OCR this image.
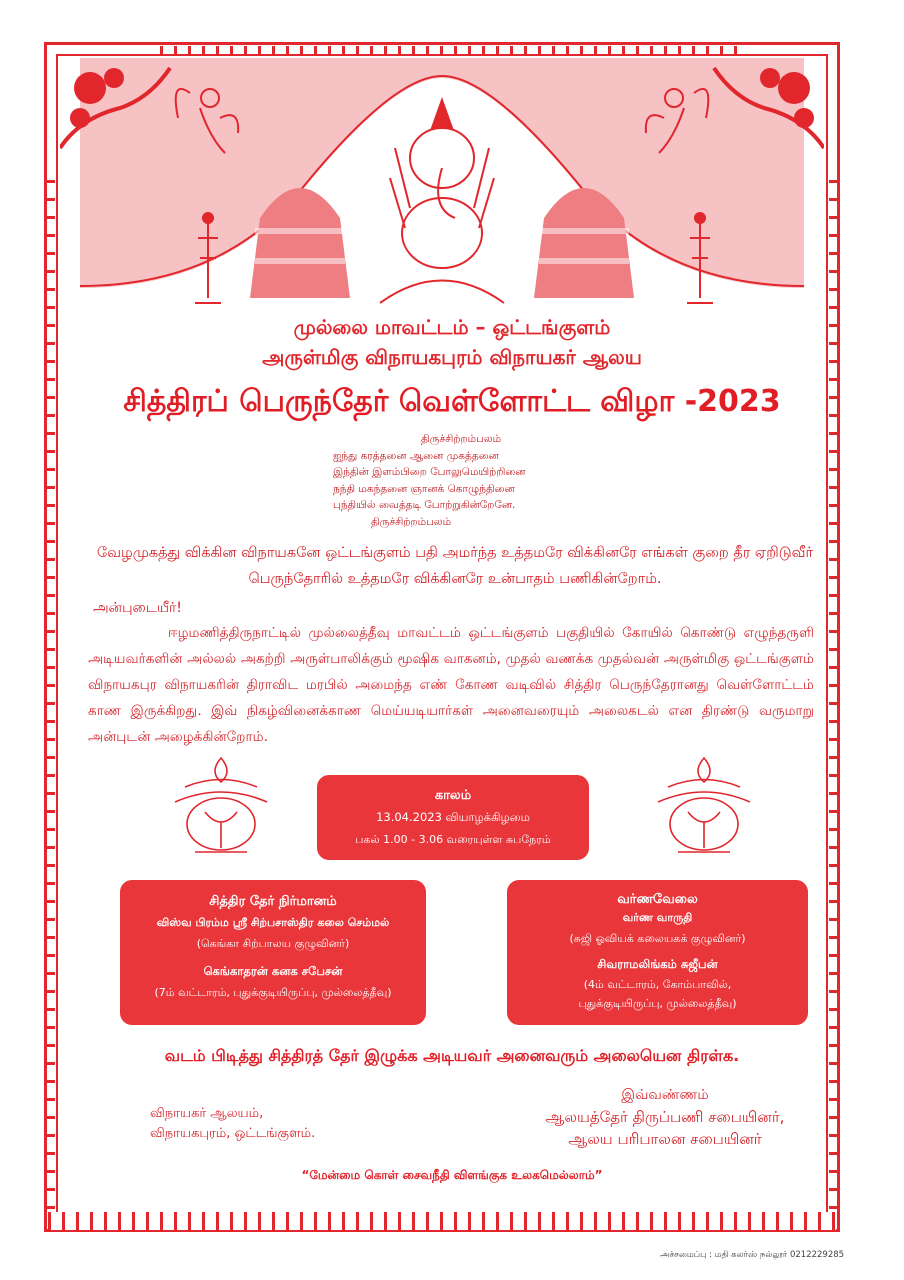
முல்லை மாவட்டம் – ஒட்டங்குளம்
அருள்மிகு விநாயகபுரம் விநாயகர் ஆலய
சித்திரப் பெருந்தேர் வெள்ளோட்ட விழா -2023
திருச்சிற்றம்பலம்
ஐந்து கரத்தனை ஆனை முகத்தனை
இந்தின் இளம்பிறை போலுமெயிற்றினை
நந்தி மகந்தனை ஞானக் கொழுந்தினை
புந்தியில் வைத்தடி போற்றுகின்றேனே.
திருச்சிற்றம்பலம்
வேழமுகத்து விக்கின விநாயகனே ஒட்டங்குளம் பதி அமர்ந்த உத்தமரே விக்கினரே எங்கள் குறை தீர ஏறிடுவீர் பெருந்தோரில் உத்தமரே விக்கினரே உன்பாதம் பணிகின்றோம்.
அன்புடையீர்!
ஈழமணித்திருநாட்டில் முல்லைத்தீவு மாவட்டம் ஒட்டங்குளம் பகுதியில் கோயில் கொண்டு எழுந்தருளி அடியவர்களின் அல்லல் அகற்றி அருள்பாலிக்கும் மூஷிக வாகனம், முதல் வணக்க முதல்வன் அருள்மிகு ஒட்டங்குளம் விநாயகபுர விநாயகரின் திராவிட மரபில் அமைந்த எண் கோண வடிவில் சித்திர பெருந்தேரானது வெள்ளோட்டம் காண இருக்கிறது. இவ் நிகழ்வினைக்காண மெய்யடியார்கள் அனைவரையும் அலைகடல் என திரண்டு வருமாறு அன்புடன் அழைக்கின்றோம்.
காலம்
13.04.2023 வியாழக்கிழமை
பகல் 1.00 - 3.06 வரையுள்ள சுபநேரம்
சித்திர தேர் நிர்மானம்
விஸ்வ பிரம்ம ஸ்ரீ சிற்பசாஸ்திர கலை செம்மல்
(கெங்கா சிற்பாலய குழுவினர்)
கெங்காதரன் கனக சபேசன்
(7ம் வட்டாரம், புதுக்குடியிருப்பு, முல்லைத்தீவு)
வர்ணவேலை
வர்ண வாருதி
(சுஜி ஓவியக் கலையகக் குழுவினர்)
சிவராமலிங்கம் சுஜீபன்
(4ம் வட்டாரம், கோம்பாவில்,
புதுக்குடியிருப்பு, முல்லைத்தீவு)
வடம் பிடித்து சித்திரத் தேர் இழுக்க அடியவர் அனைவரும் அலையென திரள்க.
விநாயகர் ஆலயம்,
விநாயகபுரம், ஒட்டங்குளம்.
இவ்வண்ணம்
ஆலயத்தேர் திருப்பணி சபையினர்,
ஆலய பரிபாலன சபையினர்
“மேன்மை கொள் சைவநீதி விளங்குக உலகமெல்லாம்”
அச்சமைப்பு : மதி கலர்ஸ் நல்லூர் 0212229285
